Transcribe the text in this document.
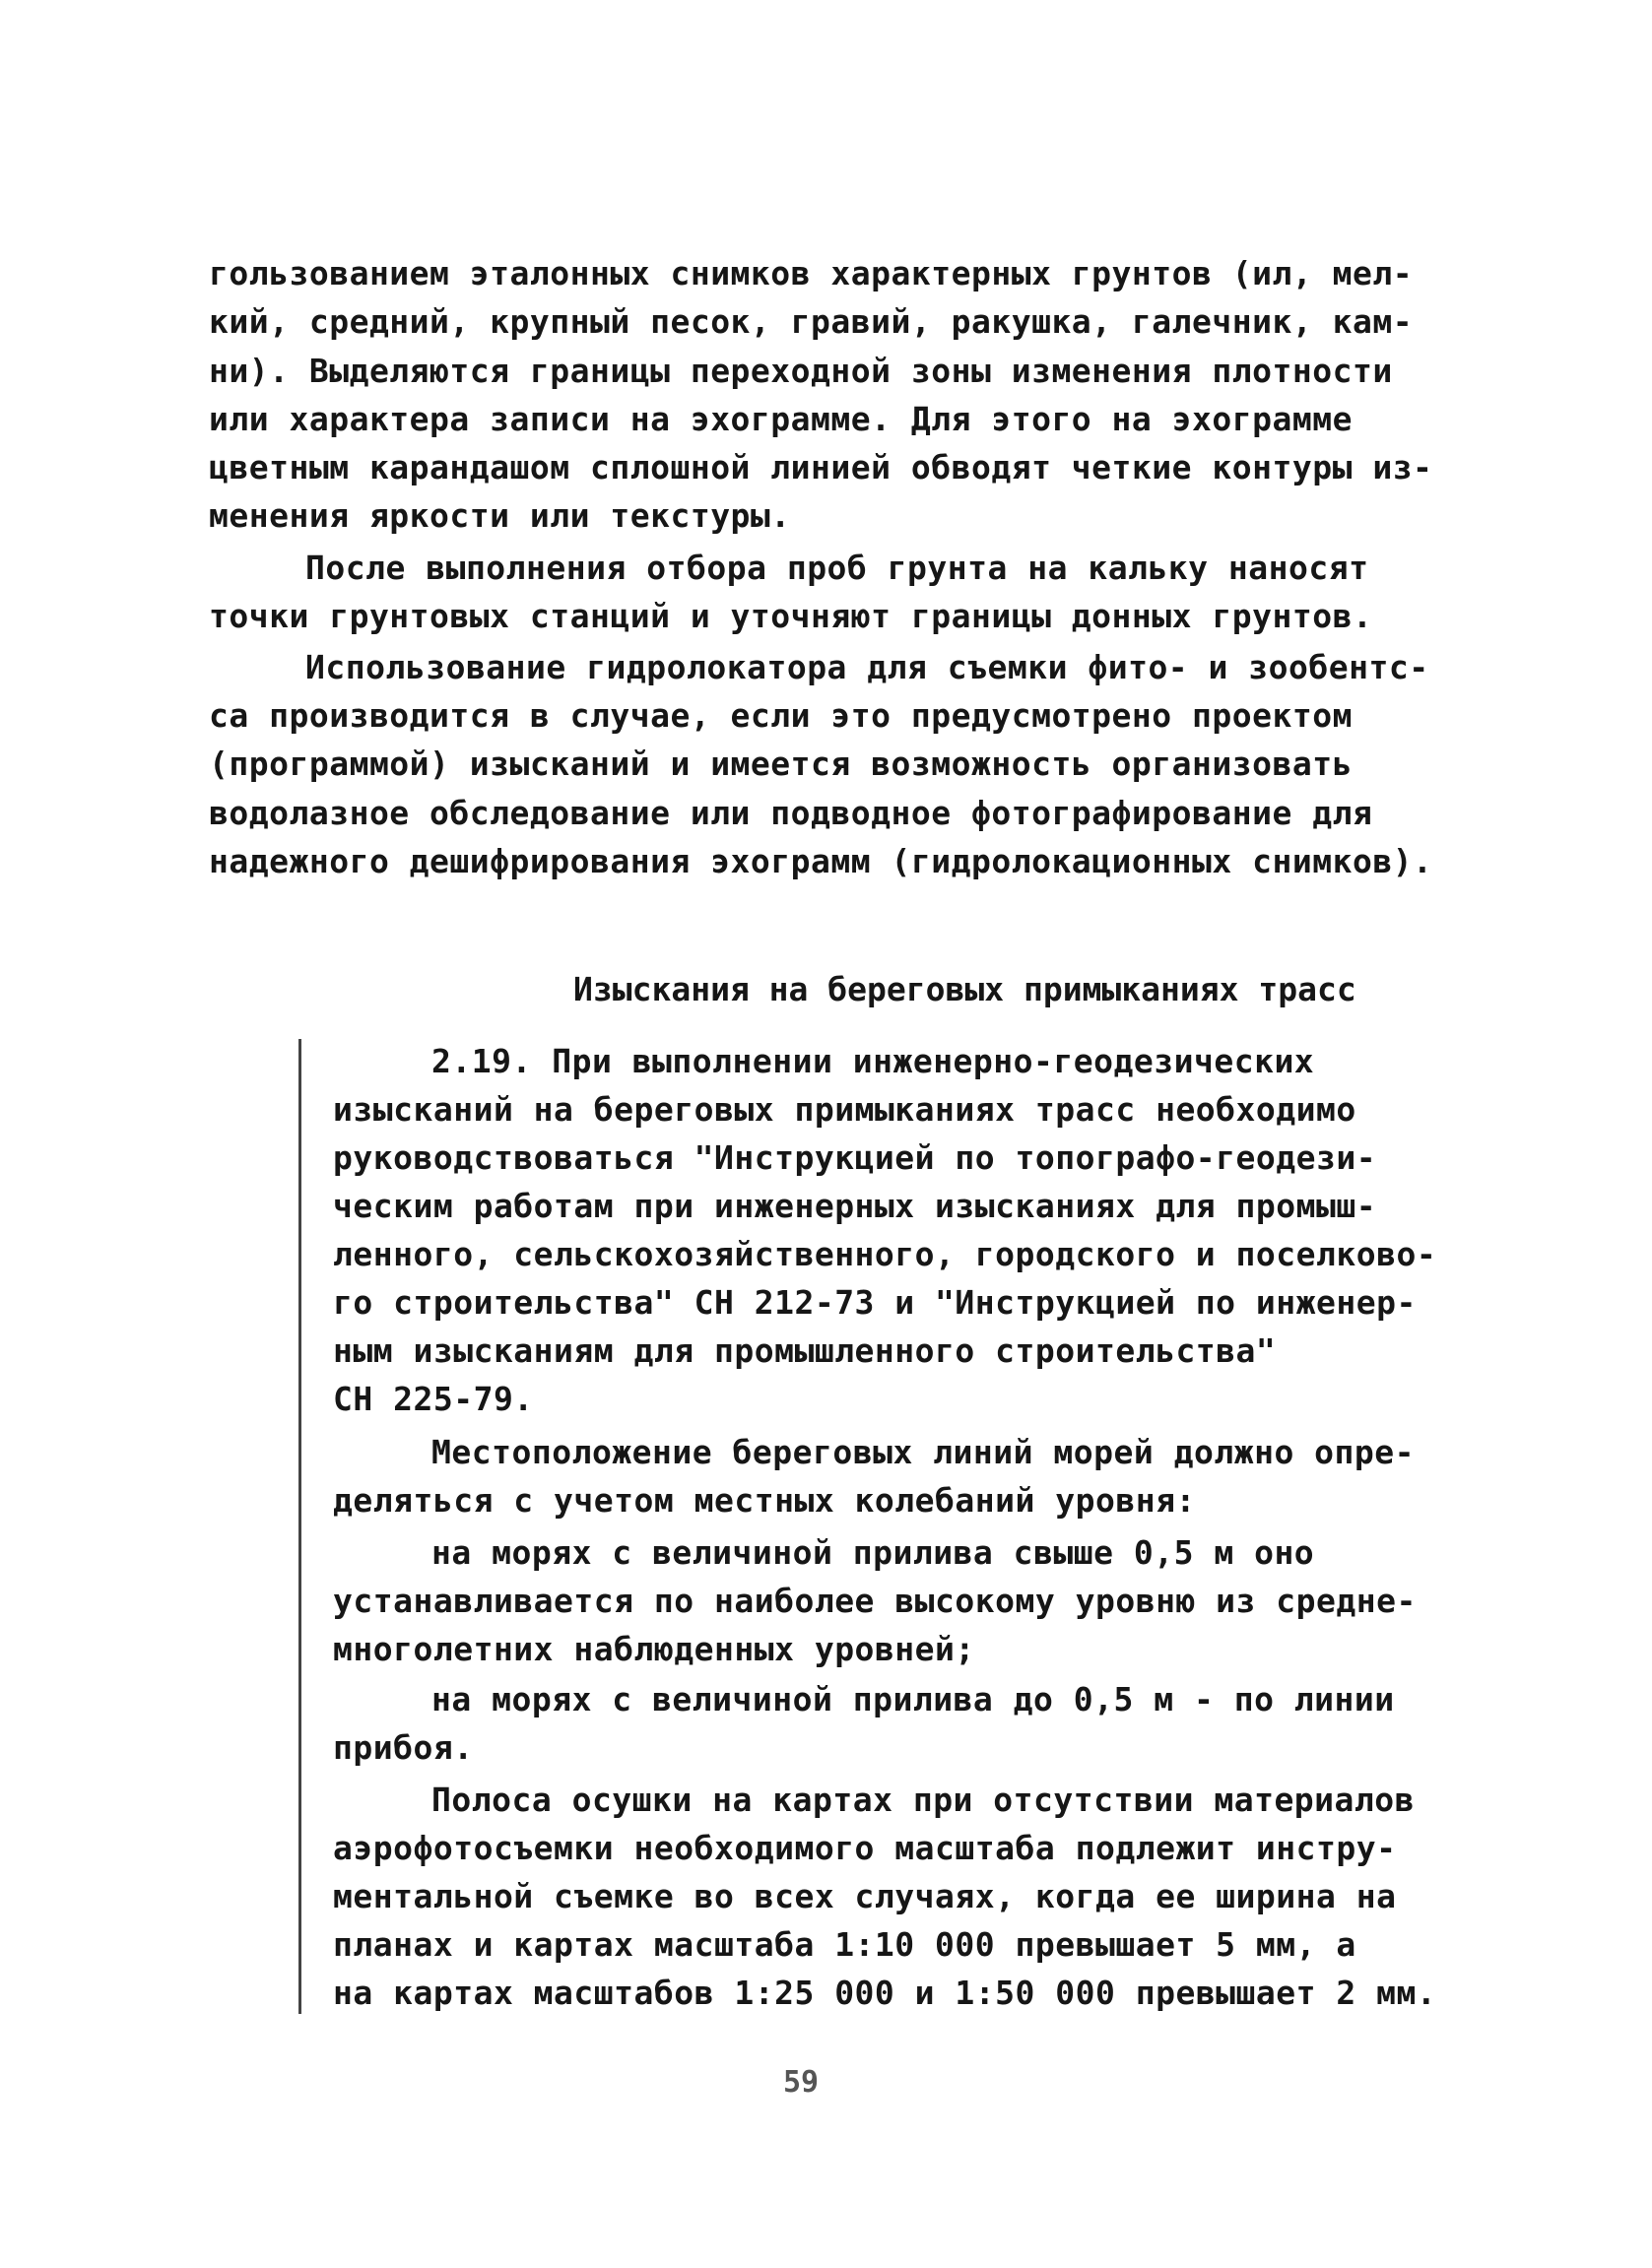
гользованием эталонных снимков характерных грунтов (ил, мел-

кий, средний, крупный песок, гравий, ракушка, галечник, кам-

ни). Выделяются границы переходной зоны изменения плотности

или характера записи на эхограмме. Для этого на эхограмме

цветным карандашом сплошной линией обводят четкие контуры из-

менения яркости или текстуры.

После выполнения отбора проб грунта на кальку наносят

точки грунтовых станций и уточняют границы донных грунтов.

Использование гидролокатора для съемки фито- и зообентс-

са производится в случае, если это предусмотрено проектом

(программой) изысканий и имеется возможность организовать

водолазное обследование или подводное фотографирование для

надежного дешифрирования эхограмм (гидролокационных снимков).

Изыскания на береговых примыканиях трасс

2.19. При выполнении инженерно-геодезических

изысканий на береговых примыканиях трасс необходимо

руководствоваться "Инструкцией по топографо-геодези-

ческим работам при инженерных изысканиях для промыш-

ленного, сельскохозяйственного, городского и поселково-

го строительства" СН 212-73 и "Инструкцией по инженер-

ным изысканиям для промышленного строительства"

СН 225-79.

Местоположение береговых линий морей должно опре-

деляться с учетом местных колебаний уровня:

на морях с величиной прилива свыше 0,5 м оно

устанавливается по наиболее высокому уровню из средне-

многолетних наблюденных уровней;

на морях с величиной прилива до 0,5 м - по линии

прибоя.

Полоса осушки на картах при отсутствии материалов

аэрофотосъемки необходимого масштаба подлежит инстру-

ментальной съемке во всех случаях, когда ее ширина на

планах и картах масштаба 1:10 000 превышает 5 мм, а

на картах масштабов 1:25 000 и 1:50 000 превышает 2 мм.

59
